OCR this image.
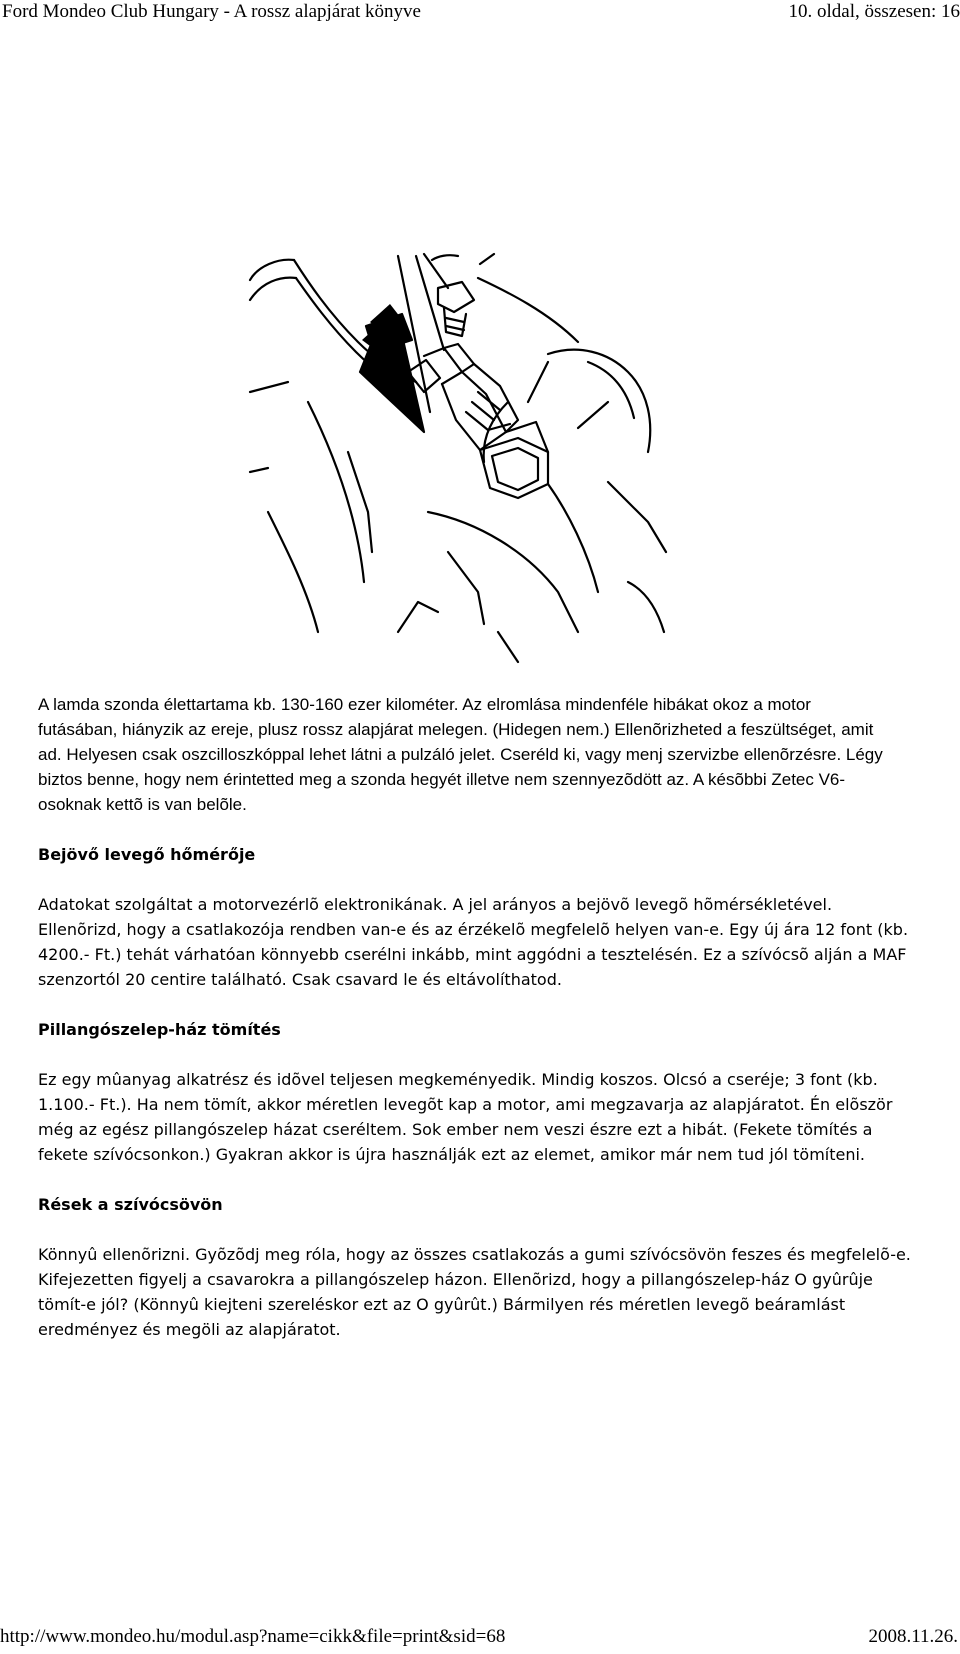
Ford Mondeo Club Hungary - A rossz alapjárat könyve	10. oldal, összesen: 16

A lamda szonda élettartama kb. 130-160 ezer kilométer. Az elromlása mindenféle hibákat okoz a motor futásában, hiányzik az ereje, plusz rossz alapjárat melegen. (Hidegen nem.) Ellenõrizheted a feszültséget, amit ad. Helyesen csak oszcilloszkóppal lehet látni a pulzáló jelet. Cseréld ki, vagy menj szervizbe ellenõrzésre. Légy biztos benne, hogy nem érintetted meg a szonda hegyét illetve nem szennyezõdött az. A késõbbi Zetec V6-osoknak kettõ is van belõle.

Bejövő levegő hőmérője

Adatokat szolgáltat a motorvezérlõ elektronikának. A jel arányos a bejövõ levegõ hõmérsékletével. Ellenõrizd, hogy a csatlakozója rendben van-e és az érzékelõ megfelelõ helyen van-e. Egy új ára 12 font (kb. 4200.- Ft.) tehát várhatóan könnyebb cserélni inkább, mint aggódni a tesztelésén. Ez a szívócsõ alján a MAF szenzortól 20 centire található. Csak csavard le és eltávolíthatod.

Pillangószelep-ház tömítés

Ez egy mûanyag alkatrész és idõvel teljesen megkeményedik. Mindig koszos. Olcsó a cseréje; 3 font (kb. 1.100.- Ft.). Ha nem tömít, akkor méretlen levegõt kap a motor, ami megzavarja az alapjáratot. Én elõször még az egész pillangószelep házat cseréltem. Sok ember nem veszi észre ezt a hibát. (Fekete tömítés a fekete szívócsonkon.) Gyakran akkor is újra használják ezt az elemet, amikor már nem tud jól tömíteni.

Rések a szívócsövön

Könnyû ellenõrizni. Gyõzõdj meg róla, hogy az összes csatlakozás a gumi szívócsövön feszes és megfelelõ-e. Kifejezetten figyelj a csavarokra a pillangószelep házon. Ellenõrizd, hogy a pillangószelep-ház O gyûrûje tömít-e jól? (Könnyû kiejteni szereléskor ezt az O gyûrût.) Bármilyen rés méretlen levegõ beáramlást eredményez és megöli az alapjáratot.

http://www.mondeo.hu/modul.asp?name=cikk&file=print&sid=68	2008.11.26.
